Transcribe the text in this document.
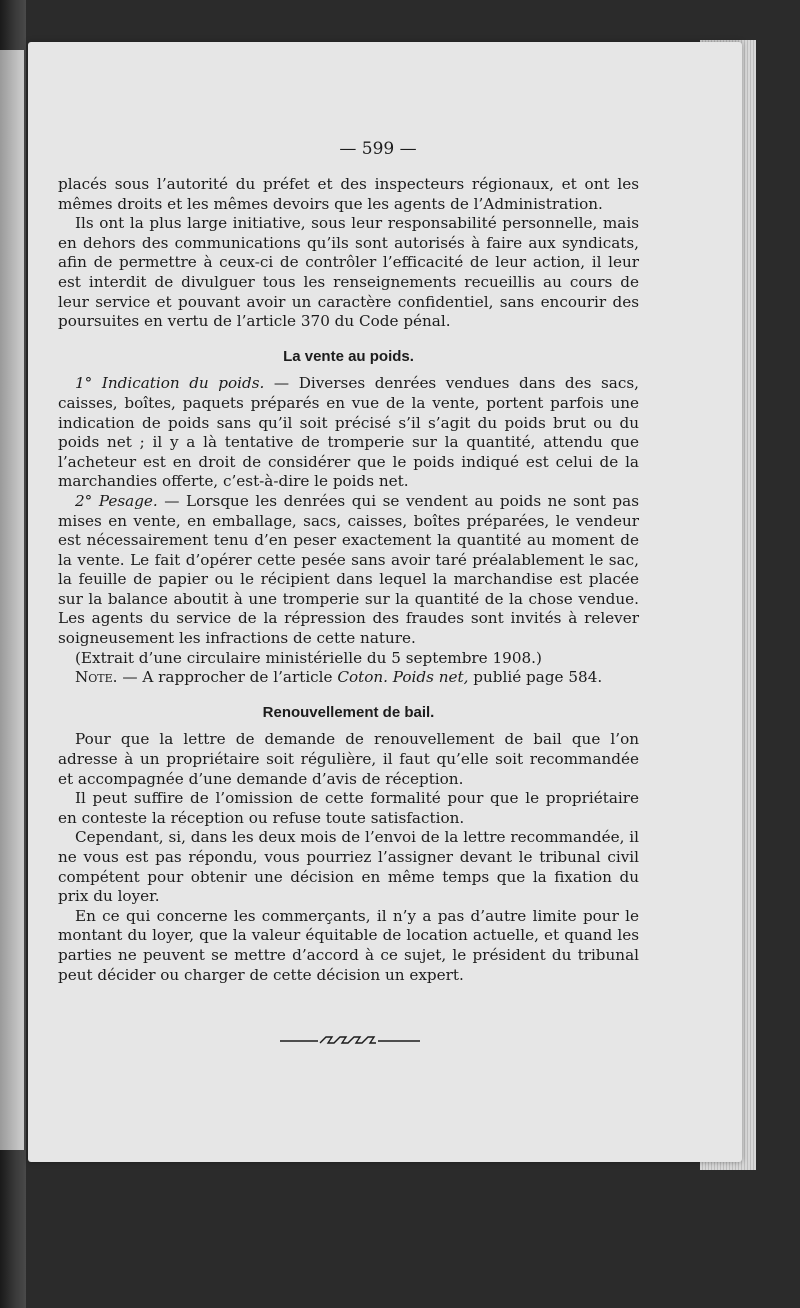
— 599 —

placés sous l’autorité du préfet et des inspecteurs régionaux, et ont les mêmes droits et les mêmes devoirs que les agents de l’Administration.

Ils ont la plus large initiative, sous leur responsabilité personnelle, mais en dehors des communications qu’ils sont autorisés à faire aux syndicats, afin de permettre à ceux-ci de contrôler l’efficacité de leur action, il leur est interdit de divulguer tous les renseignements recueillis au cours de leur service et pouvant avoir un caractère confidentiel, sans encourir des poursuites en vertu de l’article 370 du Code pénal.

La vente au poids.

1° Indication du poids. — Diverses denrées vendues dans des sacs, caisses, boîtes, paquets préparés en vue de la vente, portent parfois une indication de poids sans qu’il soit précisé s’il s’agit du poids brut ou du poids net ; il y a là tentative de tromperie sur la quantité, attendu que l’acheteur est en droit de considérer que le poids indiqué est celui de la marchandies offerte, c’est-à-dire le poids net.

2° Pesage. — Lorsque les denrées qui se vendent au poids ne sont pas mises en vente, en emballage, sacs, caisses, boîtes préparées, le vendeur est nécessairement tenu d’en peser exactement la quantité au moment de la vente. Le fait d’opérer cette pesée sans avoir taré préalablement le sac, la feuille de papier ou le récipient dans lequel la marchandise est placée sur la balance aboutit à une tromperie sur la quantité de la chose vendue. Les agents du service de la répression des fraudes sont invités à relever soigneusement les infractions de cette nature.

(Extrait d’une circulaire ministérielle du 5 septembre 1908.)

Note. — A rapprocher de l’article Coton. Poids net, publié page 584.

Renouvellement de bail.

Pour que la lettre de demande de renouvellement de bail que l’on adresse à un propriétaire soit régulière, il faut qu’elle soit recommandée et accompagnée d’une demande d’avis de réception.

Il peut suffire de l’omission de cette formalité pour que le propriétaire en conteste la réception ou refuse toute satisfaction.

Cependant, si, dans les deux mois de l’envoi de la lettre recommandée, il ne vous est pas répondu, vous pourriez l’assigner devant le tribunal civil compétent pour obtenir une décision en même temps que la fixation du prix du loyer.

En ce qui concerne les commerçants, il n’y a pas d’autre limite pour le montant du loyer, que la valeur équitable de location actuelle, et quand les parties ne peuvent se mettre d’accord à ce sujet, le président du tribunal peut décider ou charger de cette décision un expert.
